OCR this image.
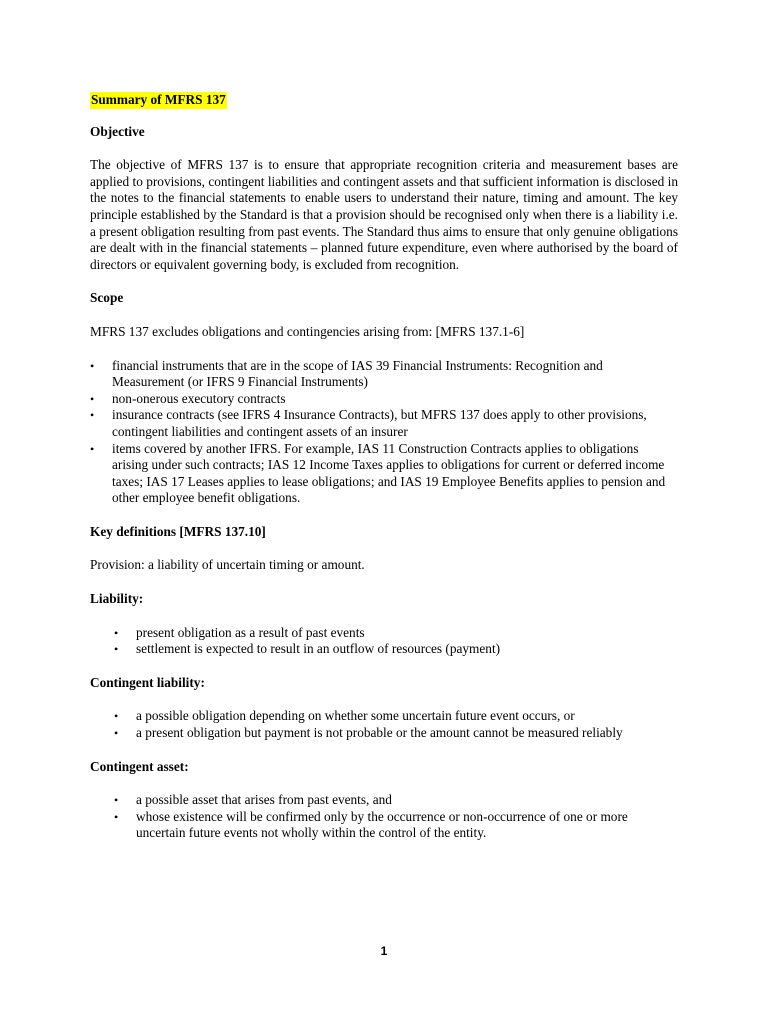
Summary of MFRS 137
Objective

The objective of MFRS 137 is to ensure that appropriate recognition criteria and measurement bases are applied to provisions, contingent liabilities and contingent assets and that sufficient information is disclosed in the notes to the financial statements to enable users to understand their nature, timing and amount. The key principle established by the Standard is that a provision should be recognised only when there is a liability i.e. a present obligation resulting from past events. The Standard thus aims to ensure that only genuine obligations are dealt with in the financial statements – planned future expenditure, even where authorised by the board of directors or equivalent governing body, is excluded from recognition.

Scope

MFRS 137 excludes obligations and contingencies arising from: [MFRS 137.1-6]

• financial instruments that are in the scope of IAS 39 Financial Instruments: Recognition and Measurement (or IFRS 9 Financial Instruments)
• non-onerous executory contracts
• insurance contracts (see IFRS 4 Insurance Contracts), but MFRS 137 does apply to other provisions, contingent liabilities and contingent assets of an insurer
• items covered by another IFRS. For example, IAS 11 Construction Contracts applies to obligations arising under such contracts; IAS 12 Income Taxes applies to obligations for current or deferred income taxes; IAS 17 Leases applies to lease obligations; and IAS 19 Employee Benefits applies to pension and other employee benefit obligations.
Key definitions [MFRS 137.10]

Provision: a liability of uncertain timing or amount.

Liability:
• present obligation as a result of past events
• settlement is expected to result in an outflow of resources (payment)
Contingent liability:
• a possible obligation depending on whether some uncertain future event occurs, or
• a present obligation but payment is not probable or the amount cannot be measured reliably
Contingent asset:
• a possible asset that arises from past events, and
• whose existence will be confirmed only by the occurrence or non-occurrence of one or more uncertain future events not wholly within the control of the entity.
1
